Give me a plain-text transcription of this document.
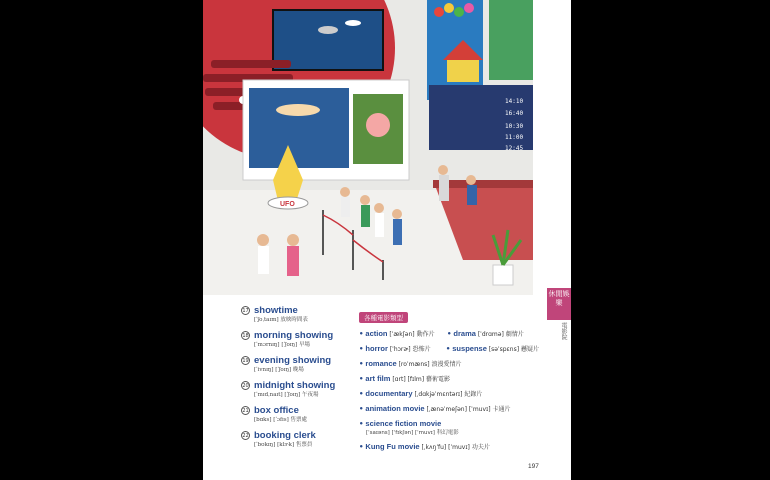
14:10
16:40
10:30
11:00
12:45
UFO
17 showtime
[ˈʃoˌtaɪm] 放映時間表
18 morning showing
[ˈmɔrnɪŋ] [ˈʃoɪŋ] 早場
19 evening showing
[ˈivnɪŋ] [ˈʃoɪŋ] 晚場
20 midnight showing
[ˈmɪdˌnaɪt] [ˈʃoɪŋ] 午夜場
21 box office
[bɑks] [ˈɔfɪs] 售票處
22 booking clerk
[ˈbʊkɪŋ] [klɝk] 售票員
各種電影類型
• action [ˈækʃən] 動作片	• drama [ˈdrɑmə] 劇情片
• horror [ˈhɔrɚ] 恐怖片	• suspense [səˈspɛns] 懸疑片
• romance [roˈmæns] 浪漫愛情片
• art film [ɑrt] [fɪlm] 藝術電影
• documentary [ˌdɑkjəˈmɛntərɪ] 紀錄片
• animation movie [ˌænəˈmeʃən] [ˈmuvɪ] 卡通片
• science fiction movie
[ˈsaɪəns] [ˈfɪkʃən] [ˈmuvɪ] 科幻電影
• Kung Fu movie [ˌkʌŋˈfu] [ˈmuvɪ] 功夫片
197
休閒娛樂
電影院
